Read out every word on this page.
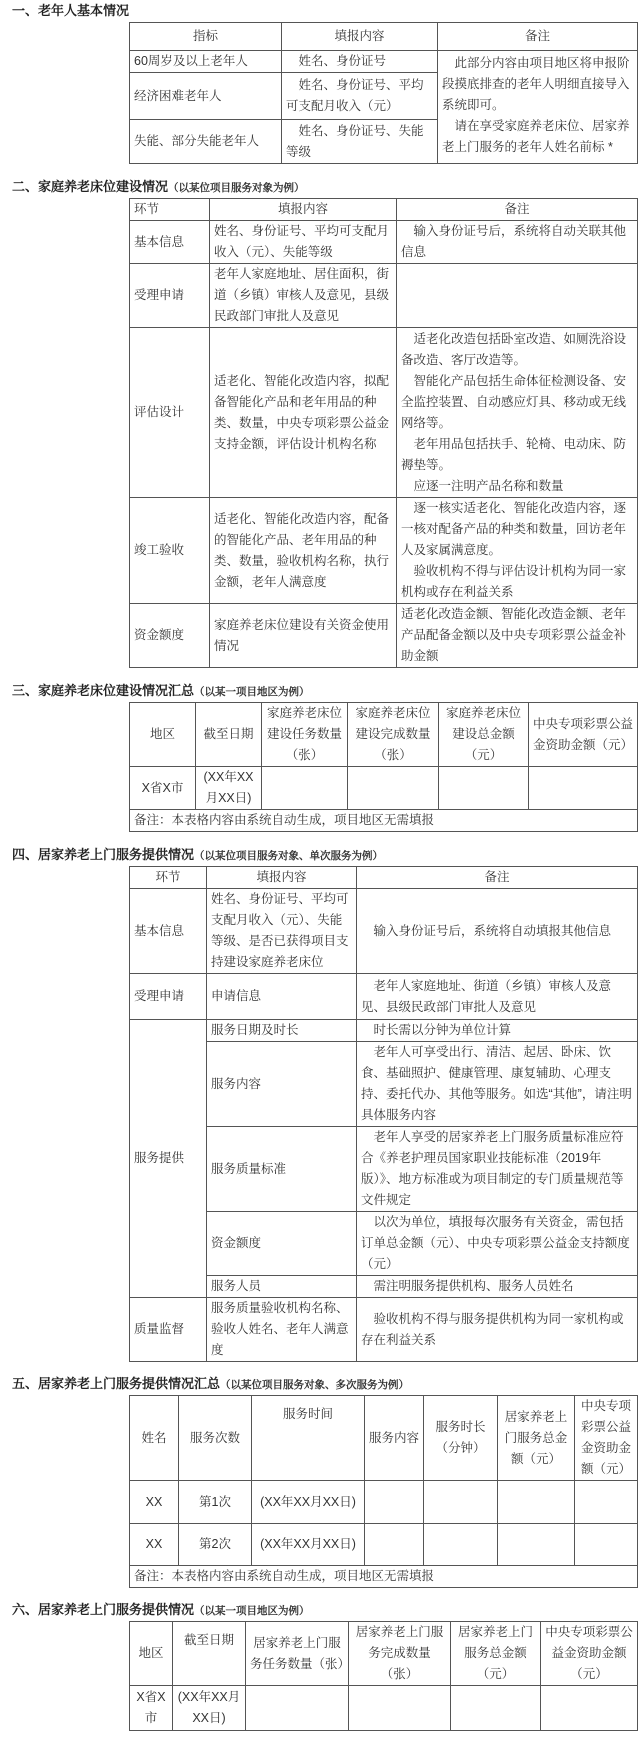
一、老年人基本情况
指标	填报内容	备注
60周岁及以上老年人	姓名、身份证号	此部分内容由项目地区将申报阶段摸底排查的老年人明细直接导入系统即可。

请在享受家庭养老床位、居家养老上门服务的老年人姓名前标 *

经济困难老年人	姓名、身份证号、平均可支配月收入（元）	
失能、部分失能老年人	姓名、身份证号、失能等级	
二、家庭养老床位建设情况（以某位项目服务对象为例）
环节	填报内容	备注
基本信息	姓名、身份证号、平均可支配月收入（元）、失能等级	输入身份证号后，系统将自动关联其他信息

受理申请	老年人家庭地址、居住面积，街道（乡镇）审核人及意见，县级民政部门审批人及意见	
评估设计	适老化、智能化改造内容，拟配备智能化产品和老年用品的种类、数量，中央专项彩票公益金支持金额，评估设计机构名称	适老化改造包括卧室改造、如厕洗浴设备改造、客厅改造等。

智能化产品包括生命体征检测设备、安全监控装置、自动感应灯具、移动或无线网络等。

老年用品包括扶手、轮椅、电动床、防褥垫等。

应逐一注明产品名称和数量

竣工验收	适老化、智能化改造内容，配备的智能化产品、老年用品的种类、数量，验收机构名称，执行金额，老年人满意度	逐一核实适老化、智能化改造内容，逐一核对配备产品的种类和数量，回访老年人及家属满意度。

验收机构不得与评估设计机构为同一家机构或存在利益关系

资金额度	家庭养老床位建设有关资金使用情况	适老化改造金额、智能化改造金额、老年产品配备金额以及中央专项彩票公益金补助金额

三、家庭养老床位建设情况汇总（以某一项目地区为例）
地区	截至日期	家庭养老床位建设任务数量（张）	家庭养老床位建设完成数量（张）	家庭养老床位建设总金额（元）	中央专项彩票公益金资助金额（元）
X省X市	(XX年XX月XX日)				
备注：本表格内容由系统自动生成，项目地区无需填报					
四、居家养老上门服务提供情况（以某位项目服务对象、单次服务为例）
环节	填报内容	备注
基本信息	姓名、身份证号、平均可支配月收入（元）、失能等级、是否已获得项目支持建设家庭养老床位	输入身份证号后，系统将自动填报其他信息
受理申请	申请信息	老年人家庭地址、街道（乡镇）审核人及意见、县级民政部门审批人及意见
服务提供	服务日期及时长	时长需以分钟为单位计算
	服务内容	老年人可享受出行、清洁、起居、卧床、饮食、基础照护、健康管理、康复辅助、心理支持、委托代办、其他等服务。如选“其他”，请注明具体服务内容
	服务质量标准	老年人享受的居家养老上门服务质量标准应符合《养老护理员国家职业技能标准（2019年版）》、地方标准或为项目制定的专门质量规范等文件规定
	资金额度	以次为单位，填报每次服务有关资金，需包括订单总金额（元）、中央专项彩票公益金支持额度（元）
	服务人员	需注明服务提供机构、服务人员姓名
质量监督	服务质量验收机构名称、验收人姓名、老年人满意度	验收机构不得与服务提供机构为同一家机构或存在利益关系
五、居家养老上门服务提供情况汇总（以某位项目服务对象、多次服务为例）
姓名	服务次数	服务时间	服务内容	服务时长（分钟）	居家养老上门服务总金额（元）	中央专项彩票公益金资助金额（元）
XX	第1次	(XX年XX月XX日)				
XX	第2次	(XX年XX月XX日)				
备注：本表格内容由系统自动生成，项目地区无需填报						
六、居家养老上门服务提供情况（以某一项目地区为例）
地区	截至日期	居家养老上门服务任务数量（张）	居家养老上门服务完成数量（张）	居家养老上门服务总金额（元）	中央专项彩票公益金资助金额（元）
X省X市	(XX年XX月XX日)				
